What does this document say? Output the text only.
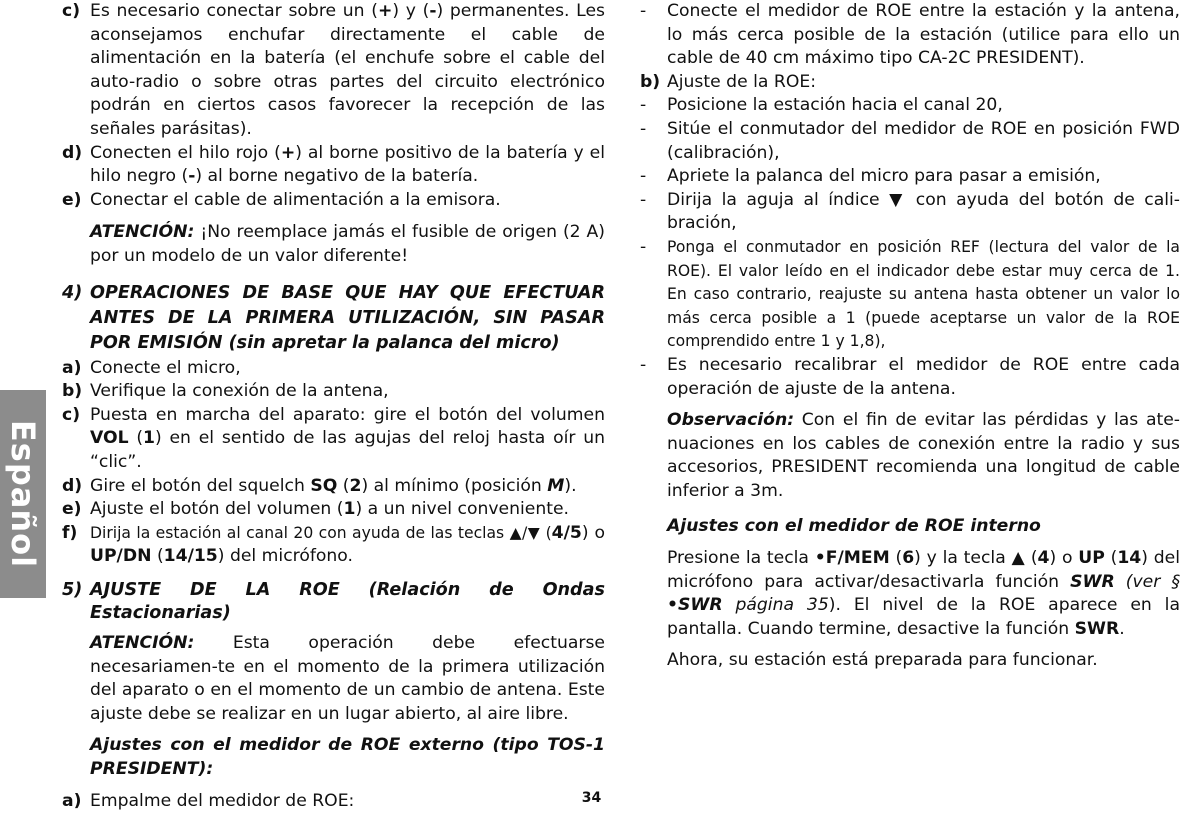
Español
c) Es necesario conectar sobre un (+) y (-) permanentes. Les aconsejamos enchufar directamente el cable de alimentación en la batería (el enchufe sobre el cable del auto-radio o sobre otras partes del circuito electrónico podrán en ciertos casos favorecer la recepción de las señales parásitas).
d) Conecten el hilo rojo (+) al borne positivo de la batería y el hilo negro (-) al borne negativo de la batería.
e) Conectar el cable de alimentación a la emisora.
ATENCIÓN: ¡No reemplace jamás el fusible de origen (2 A) por un modelo de un valor diferente!
4) OPERACIONES DE BASE QUE HAY QUE EFECTUAR ANTES DE LA PRIMERA UTILIZACIÓN, SIN PASAR POR EMISIÓN (sin apretar la palanca del micro)
a) Conecte el micro,
b) Verifique la conexión de la antena,
c) Puesta en marcha del aparato: gire el botón del volumen VOL (1) en el sentido de las agujas del reloj hasta oír un “clic”.
d) Gire el botón del squelch SQ (2) al mínimo (posición M).
e) Ajuste el botón del volumen (1) a un nivel conveniente.
f) Dirija la estación al canal 20 con ayuda de las teclas ▲/▼ (4/5) o UP/DN (14/15) del micrófono.
5) AJUSTE DE LA ROE (Relación de Ondas Estacionarias)
ATENCIÓN: Esta operación debe efectuarse necesariamen-te en el momento de la primera utilización del aparato o en el momento de un cambio de antena. Este ajuste debe se realizar en un lugar abierto, al aire libre.
Ajustes con el medidor de ROE externo (tipo TOS-1 PRESIDENT):
a) Empalme del medidor de ROE:
- Conecte el medidor de ROE entre la estación y la antena, lo más cerca posible de la estación (utilice para ello un cable de 40 cm máximo tipo CA-2C PRESIDENT).
b) Ajuste de la ROE:
- Posicione la estación hacia el canal 20,
- Sitúe el conmutador del medidor de ROE en posición FWD (calibración),
- Apriete la palanca del micro para pasar a emisión,
- Dirija la aguja al índice ▼ con ayuda del botón de cali-bración,
- Ponga el conmutador en posición REF (lectura del valor de la ROE). El valor leído en el indicador debe estar muy cerca de 1. En caso contrario, reajuste su antena hasta obtener un valor lo más cerca posible a 1 (puede aceptarse un valor de la ROE comprendido entre 1 y 1,8),
- Es necesario recalibrar el medidor de ROE entre cada operación de ajuste de la antena.
Observación: Con el fin de evitar las pérdidas y las ate-nuaciones en los cables de conexión entre la radio y sus accesorios, PRESIDENT recomienda una longitud de cable inferior a 3m.
Ajustes con el medidor de ROE interno
Presione la tecla •F/MEM (6) y la tecla ▲ (4) o UP (14) del micrófono para activar/desactivarla función SWR (ver § •SWR página 35). El nivel de la ROE aparece en la pantalla. Cuando termine, desactive la función SWR.
Ahora, su estación está preparada para funcionar.
34
